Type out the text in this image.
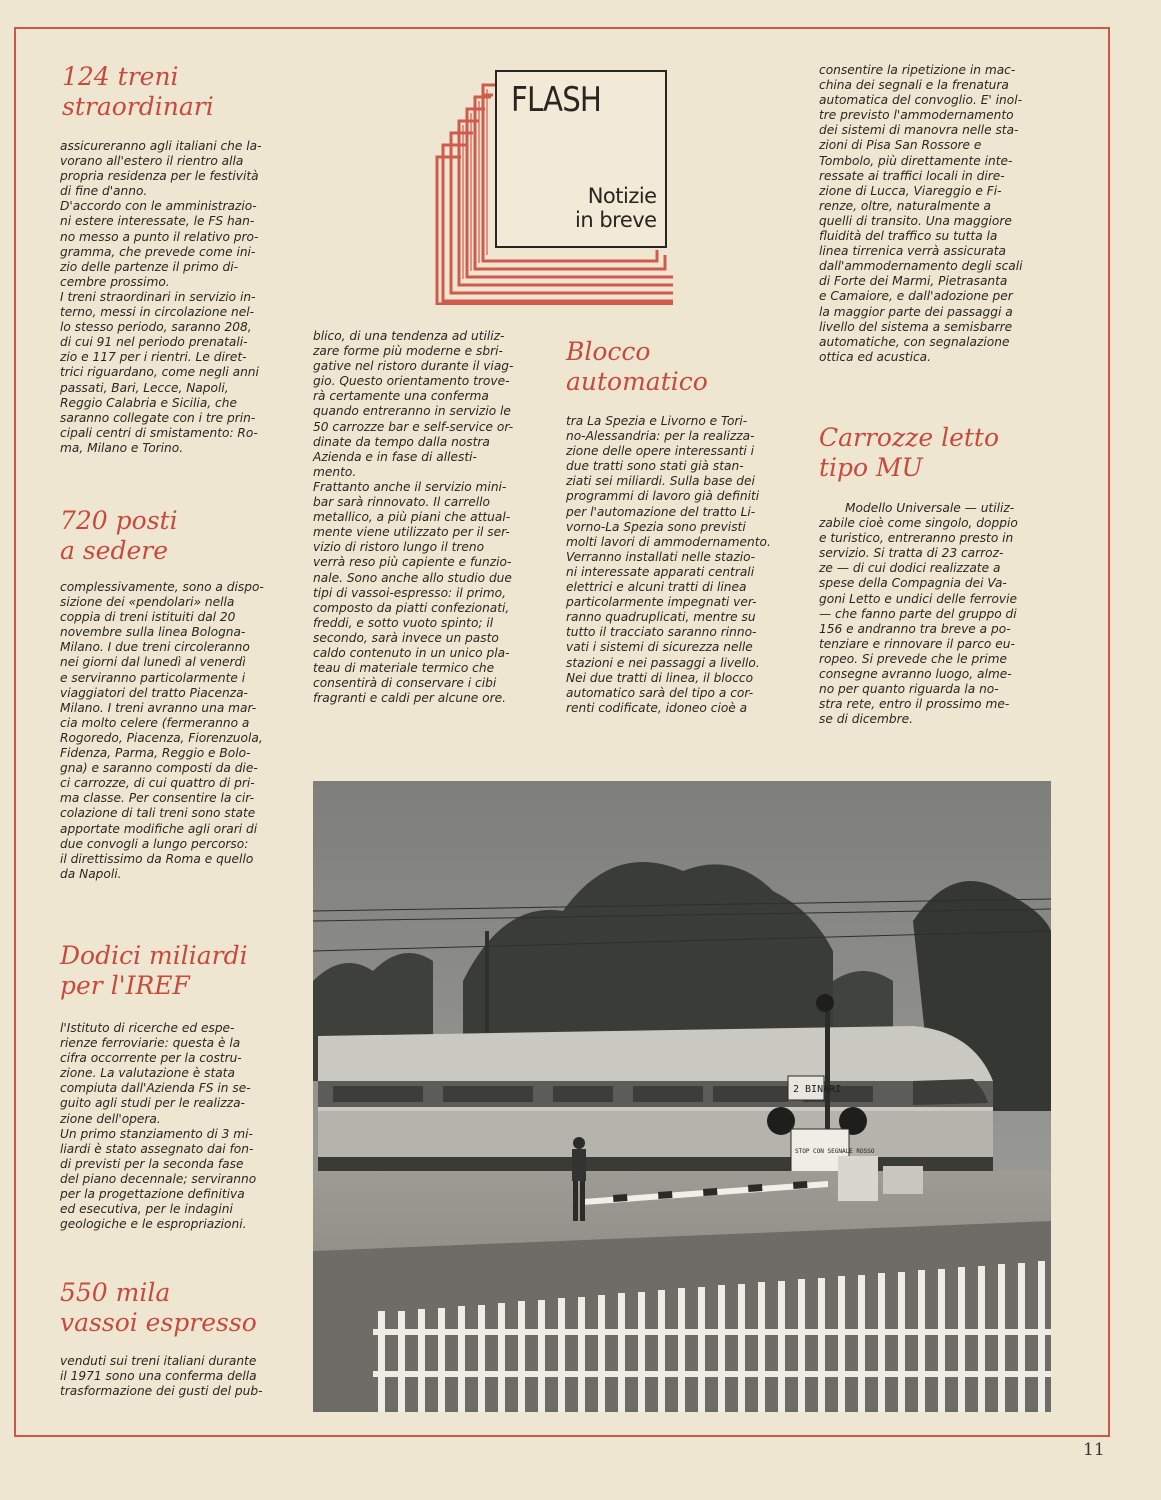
124 treni
straordinari

assicureranno agli italiani che la-
vorano all'estero il rientro alla
propria residenza per le festività
di fine d'anno.

D'accordo con le amministrazio-
ni estere interessate, le FS han-
no messo a punto il relativo pro-
gramma, che prevede come ini-
zio delle partenze il primo di-
cembre prossimo.

I treni straordinari in servizio in-
terno, messi in circolazione nel-
lo stesso periodo, saranno 208,
di cui 91 nel periodo prenatali-
zio e 117 per i rientri. Le diret-
trici riguardano, come negli anni
passati, Bari, Lecce, Napoli,
Reggio Calabria e Sicilia, che
saranno collegate con i tre prin-
cipali centri di smistamento: Ro-
ma, Milano e Torino.

720 posti
a sedere

complessivamente, sono a dispo-
sizione dei «pendolari» nella
coppia di treni istituiti dal 20
novembre sulla linea Bologna-
Milano. I due treni circoleranno
nei giorni dal lunedì al venerdì
e serviranno particolarmente i
viaggiatori del tratto Piacenza-
Milano. I treni avranno una mar-
cia molto celere (fermeranno a
Rogoredo, Piacenza, Fiorenzuola,
Fidenza, Parma, Reggio e Bolo-
gna) e saranno composti da die-
ci carrozze, di cui quattro di pri-
ma classe. Per consentire la cir-
colazione di tali treni sono state
apportate modifiche agli orari di
due convogli a lungo percorso:
il direttissimo da Roma e quello
da Napoli.

Dodici miliardi
per l'IREF

l'Istituto di ricerche ed espe-
rienze ferroviarie: questa è la
cifra occorrente per la costru-
zione. La valutazione è stata
compiuta dall'Azienda FS in se-
guito agli studi per le realizza-
zione dell'opera.

Un primo stanziamento di 3 mi-
liardi è stato assegnato dai fon-
di previsti per la seconda fase
del piano decennale; serviranno
per la progettazione definitiva
ed esecutiva, per le indagini
geologiche e le espropriazioni.

550 mila
vassoi espresso

venduti sui treni italiani durante
il 1971 sono una conferma della
trasformazione dei gusti del pub-

FLASH
Notizie
in breve

blico, di una tendenza ad utiliz-
zare forme più moderne e sbri-
gative nel ristoro durante il viag-
gio. Questo orientamento trove-
rà certamente una conferma
quando entreranno in servizio le
50 carrozze bar e self-service or-
dinate da tempo dalla nostra
Azienda e in fase di allesti-
mento.

Frattanto anche il servizio mini-
bar sarà rinnovato. Il carrello
metallico, a più piani che attual-
mente viene utilizzato per il ser-
vizio di ristoro lungo il treno
verrà reso più capiente e funzio-
nale. Sono anche allo studio due
tipi di vassoi-espresso: il primo,
composto da piatti confezionati,
freddi, e sotto vuoto spinto; il
secondo, sarà invece un pasto
caldo contenuto in un unico pla-
teau di materiale termico che
consentirà di conservare i cibi
fragranti e caldi per alcune ore.

Blocco
automatico

tra La Spezia e Livorno e Tori-
no-Alessandria: per la realizza-
zione delle opere interessanti i
due tratti sono stati già stan-
ziati sei miliardi. Sulla base dei
programmi di lavoro già definiti
per l'automazione del tratto Li-
vorno-La Spezia sono previsti
molti lavori di ammodernamento.
Verranno installati nelle stazio-
ni interessate apparati centrali
elettrici e alcuni tratti di linea
particolarmente impegnati ver-
ranno quadruplicati, mentre su
tutto il tracciato saranno rinno-
vati i sistemi di sicurezza nelle
stazioni e nei passaggi a livello.
Nei due tratti di linea, il blocco
automatico sarà del tipo a cor-
renti codificate, idoneo cioè a

consentire la ripetizione in mac-
china dei segnali e la frenatura
automatica del convoglio. E' inol-
tre previsto l'ammodernamento
dei sistemi di manovra nelle sta-
zioni di Pisa San Rossore e
Tombolo, più direttamente inte-
ressate ai traffici locali in dire-
zione di Lucca, Viareggio e Fi-
renze, oltre, naturalmente a
quelli di transito. Una maggiore
fluidità del traffico su tutta la
linea tirrenica verrà assicurata
dall'ammodernamento degli scali
di Forte dei Marmi, Pietrasanta
e Camaiore, e dall'adozione per
la maggior parte dei passaggi a
livello del sistema a semisbarre
automatiche, con segnalazione
ottica ed acustica.

Carrozze letto
tipo MU

Modello Universale — utiliz-
zabile cioè come singolo, doppio
e turistico, entreranno presto in
servizio. Si tratta di 23 carroz-
ze — di cui dodici realizzate a
spese della Compagnia dei Va-
goni Letto e undici delle ferrovie
— che fanno parte del gruppo di
156 e andranno tra breve a po-
tenziare e rinnovare il parco eu-
ropeo. Si prevede che le prime
consegne avranno luogo, alme-
no per quanto riguarda la no-
stra rete, entro il prossimo me-
se di dicembre.

2 BINARI
STOP CON SEGNALE ROSSO
11
